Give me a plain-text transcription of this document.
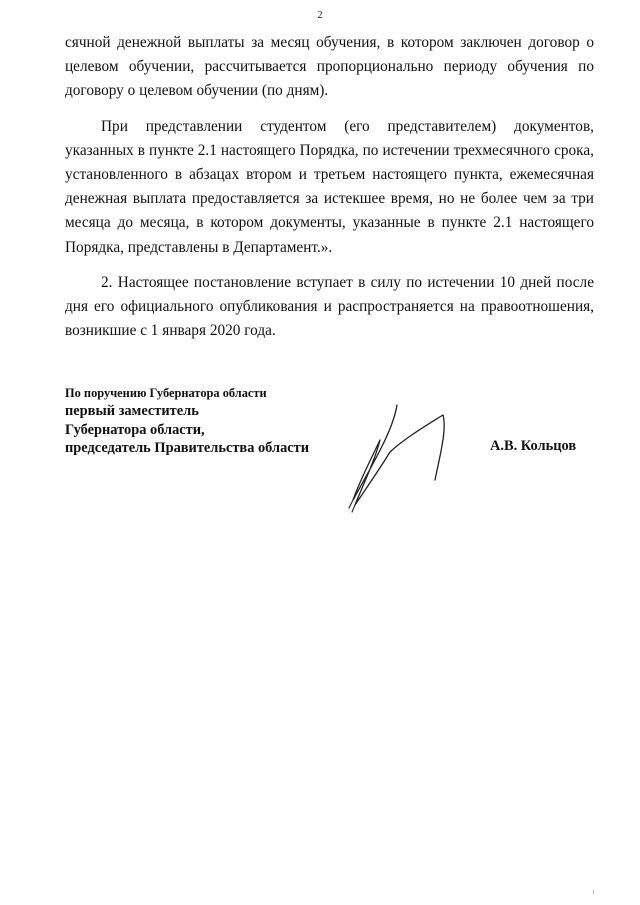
2

сячной денежной выплаты за месяц обучения, в котором заключен договор о целевом обучении, рассчитывается пропорционально периоду обучения по договору о целевом обучении (по дням).

При представлении студентом (его представителем) документов, указанных в пункте 2.1 настоящего Порядка, по истечении трехмесячного срока, установленного в абзацах втором и третьем настоящего пункта, ежемесячная денежная выплата предоставляется за истекшее время, но не более чем за три месяца до месяца, в котором документы, указанные в пункте 2.1 настоящего Порядка, представлены в Департамент.».

2. Настоящее постановление вступает в силу по истечении 10 дней после дня его официального опубликования и распространяется на правоотношения, возникшие с 1 января 2020 года.

По поручению Губернатора области
первый заместитель
Губернатора области,
председатель Правительства области	А.В. Кольцов
